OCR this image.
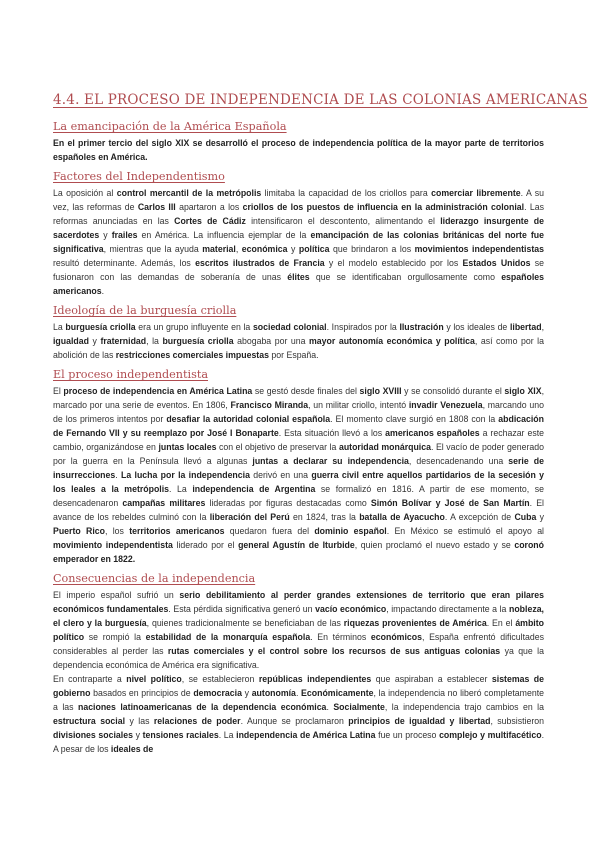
4.4. EL PROCESO DE INDEPENDENCIA DE LAS COLONIAS AMERICANAS
La emancipación de la América Española

En el primer tercio del siglo XIX se desarrolló el proceso de independencia política de la mayor parte de territorios españoles en América.

Factores del Independentismo

La oposición al control mercantil de la metrópolis limitaba la capacidad de los criollos para comerciar libremente. A su vez, las reformas de Carlos III apartaron a los criollos de los puestos de influencia en la administración colonial. Las reformas anunciadas en las Cortes de Cádiz intensificaron el descontento, alimentando el liderazgo insurgente de sacerdotes y frailes en América. La influencia ejemplar de la emancipación de las colonias británicas del norte fue significativa, mientras que la ayuda material, económica y política que brindaron a los movimientos independentistas resultó determinante. Además, los escritos ilustrados de Francia y el modelo establecido por los Estados Unidos se fusionaron con las demandas de soberanía de unas élites que se identificaban orgullosamente como españoles americanos.

Ideología de la burguesía criolla

La burguesía criolla era un grupo influyente en la sociedad colonial. Inspirados por la Ilustración y los ideales de libertad, igualdad y fraternidad, la burguesía criolla abogaba por una mayor autonomía económica y política, así como por la abolición de las restricciones comerciales impuestas por España.

El proceso independentista

El proceso de independencia en América Latina se gestó desde finales del siglo XVIII y se consolidó durante el siglo XIX, marcado por una serie de eventos. En 1806, Francisco Miranda, un militar criollo, intentó invadir Venezuela, marcando uno de los primeros intentos por desafiar la autoridad colonial española. El momento clave surgió en 1808 con la abdicación de Fernando VII y su reemplazo por José I Bonaparte. Esta situación llevó a los americanos españoles a rechazar este cambio, organizándose en juntas locales con el objetivo de preservar la autoridad monárquica. El vacío de poder generado por la guerra en la Península llevó a algunas juntas a declarar su independencia, desencadenando una serie de insurrecciones. La lucha por la independencia derivó en una guerra civil entre aquellos partidarios de la secesión y los leales a la metrópolis. La independencia de Argentina se formalizó en 1816. A partir de ese momento, se desencadenaron campañas militares lideradas por figuras destacadas como Simón Bolívar y José de San Martín. El avance de los rebeldes culminó con la liberación del Perú en 1824, tras la batalla de Ayacucho. A excepción de Cuba y Puerto Rico, los territorios americanos quedaron fuera del dominio español. En México se estimuló el apoyo al movimiento independentista liderado por el general Agustín de Iturbide, quien proclamó el nuevo estado y se coronó emperador en 1822.

Consecuencias de la independencia

El imperio español sufrió un serio debilitamiento al perder grandes extensiones de territorio que eran pilares económicos fundamentales. Esta pérdida significativa generó un vacío económico, impactando directamente a la nobleza, el clero y la burguesía, quienes tradicionalmente se beneficiaban de las riquezas provenientes de América. En el ámbito político se rompió la estabilidad de la monarquía española. En términos económicos, España enfrentó dificultades considerables al perder las rutas comerciales y el control sobre los recursos de sus antiguas colonias ya que la dependencia económica de América era significativa.

En contraparte a nivel político, se establecieron repúblicas independientes que aspiraban a establecer sistemas de gobierno basados en principios de democracia y autonomía. Económicamente, la independencia no liberó completamente a las naciones latinoamericanas de la dependencia económica. Socialmente, la independencia trajo cambios en la estructura social y las relaciones de poder. Aunque se proclamaron principios de igualdad y libertad, subsistieron divisiones sociales y tensiones raciales. La independencia de América Latina fue un proceso complejo y multifacético. A pesar de los ideales de
